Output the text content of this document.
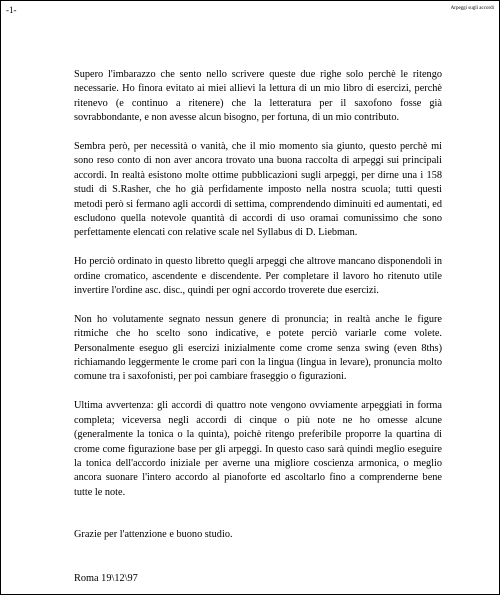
-1-	Arpeggi sugli accordi

Supero l'imbarazzo che sento nello scrivere queste due righe solo perchè le ritengo necessarie. Ho finora evitato ai miei allievi la lettura di un mio libro di esercizi, perchè ritenevo (e continuo a ritenere) che la letteratura per il saxofono fosse già sovrabbondante, e non avesse alcun bisogno, per fortuna, di un mio contributo.

Sembra però, per necessità o vanità, che il mio momento sia giunto, questo perchè mi sono reso conto di non aver ancora trovato una buona raccolta di arpeggi sui principali accordi. In realtà esistono molte ottime pubblicazioni sugli arpeggi, per dirne una i 158 studi di S.Rasher, che ho già perfidamente imposto nella nostra scuola; tutti questi metodi però si fermano agli accordi di settima, comprendendo diminuiti ed aumentati, ed escludono quella notevole quantità di accordi di uso oramai comunissimo che sono perfettamente elencati con relative scale nel Syllabus di D. Liebman.

Ho perciò ordinato in questo libretto quegli arpeggi che altrove mancano disponendoli in ordine cromatico, ascendente e discendente. Per completare il lavoro ho ritenuto utile invertire l'ordine asc. disc., quindi per ogni accordo troverete due esercizi.

Non ho volutamente segnato nessun genere di pronuncia; in realtà anche le figure ritmiche che ho scelto sono indicative, e potete perciò variarle come volete. Personalmente eseguo gli esercizi inizialmente come crome senza swing (even 8ths) richiamando leggermente le crome pari con la lingua (lingua in levare), pronuncia molto comune tra i saxofonisti, per poi cambiare fraseggio o figurazioni.

Ultima avvertenza: gli accordi di quattro note vengono ovviamente arpeggiati in forma completa; viceversa negli accordi di cinque o più note ne ho omesse alcune (generalmente la tonica o la quinta), poichè ritengo preferibile proporre la quartina di crome come figurazione base per gli arpeggi. In questo caso sarà quindi meglio eseguire la tonica dell'accordo iniziale per averne una migliore coscienza armonica, o meglio ancora suonare l'intero accordo al pianoforte ed ascoltarlo fino a comprenderne bene tutte le note.

Grazie per l'attenzione e buono studio.
Roma 19\12\97
